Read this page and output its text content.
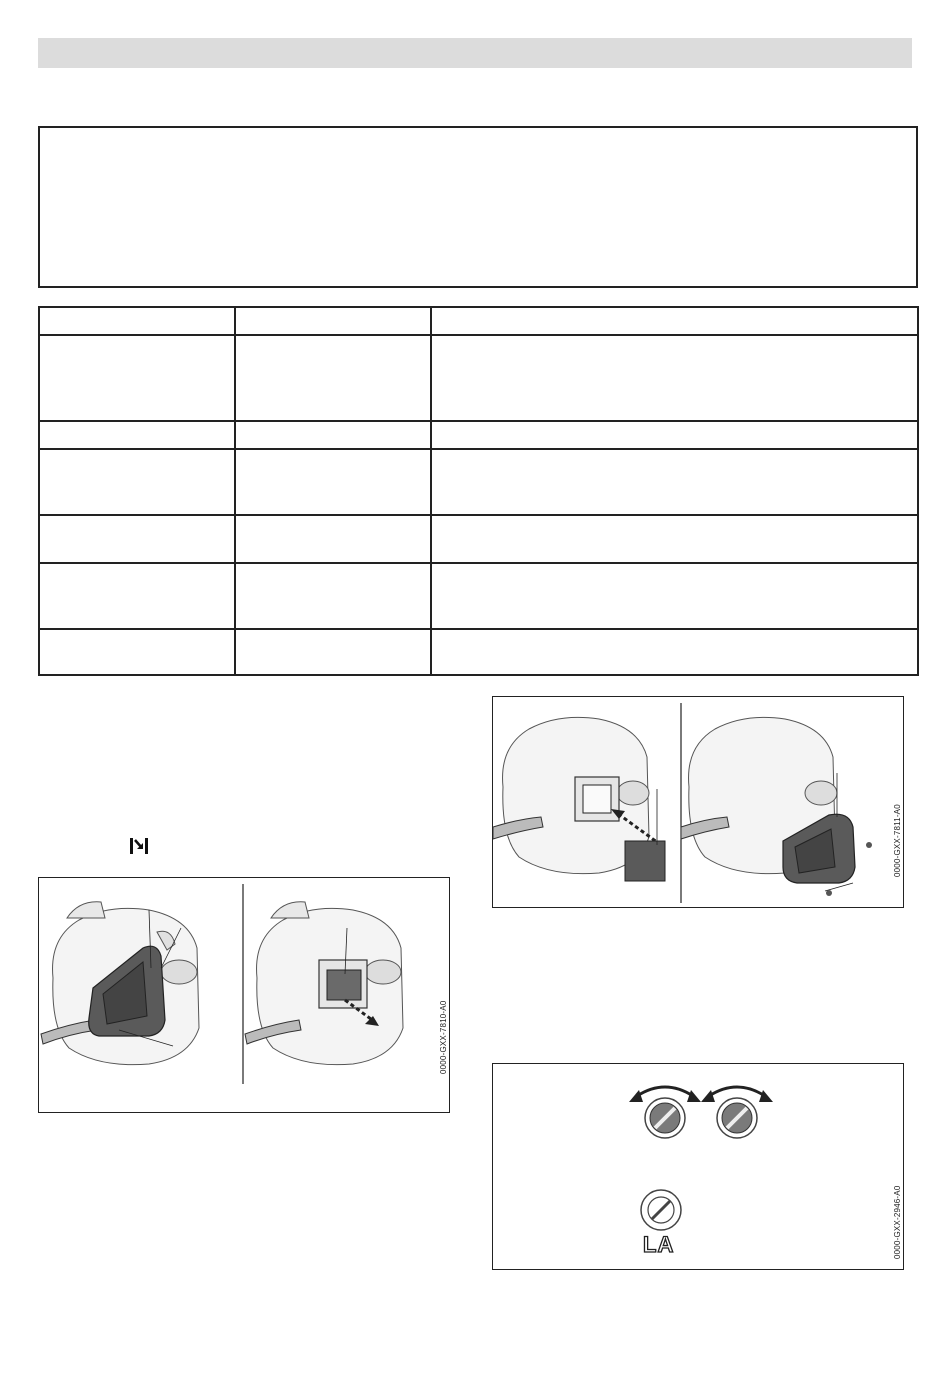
0000-GXX-7810-A0
0000-GXX-7811-A0
LA	0000-GXX-2946-A0
